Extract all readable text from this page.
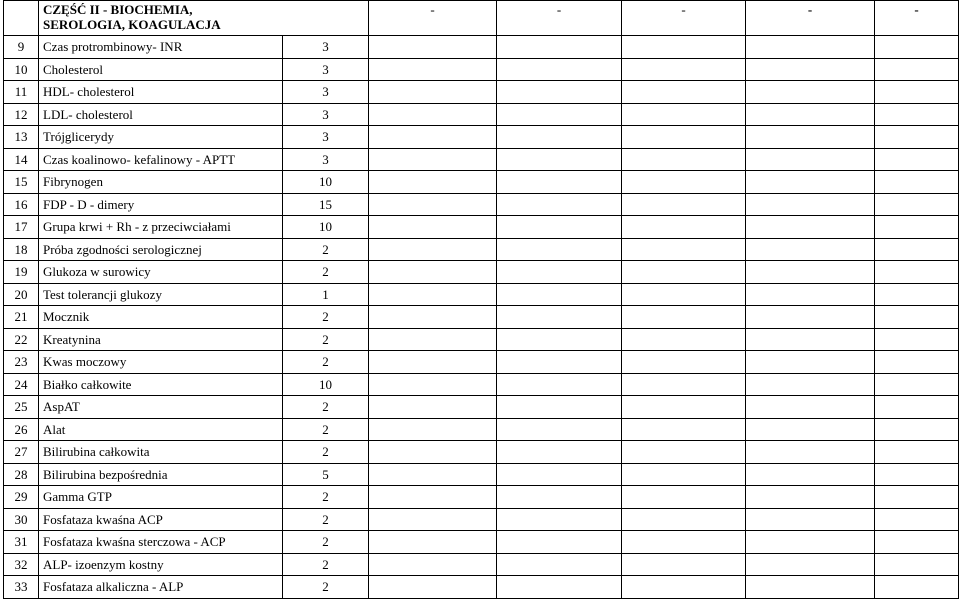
	CZĘŚĆ II - BIOCHEMIA,
SEROLOGIA, KOAGULACJA		-	-	-	-	-

9	Czas protrombinowy- INR	3					
10	Cholesterol	3					
11	HDL- cholesterol	3					
12	LDL- cholesterol	3					
13	Trójglicerydy	3					
14	Czas koalinowo- kefalinowy - APTT	3					
15	Fibrynogen	10					
16	FDP - D - dimery	15					
17	Grupa krwi + Rh - z przeciwciałami	10					
18	Próba zgodności serologicznej	2					
19	Glukoza w surowicy	2					
20	Test tolerancji glukozy	1					
21	Mocznik	2					
22	Kreatynina	2					
23	Kwas moczowy	2					
24	Białko całkowite	10					
25	AspAT	2					
26	Alat	2					
27	Bilirubina całkowita	2					
28	Bilirubina bezpośrednia	5					
29	Gamma GTP	2					
30	Fosfataza kwaśna ACP	2					
31	Fosfataza kwaśna sterczowa - ACP	2					
32	ALP- izoenzym kostny	2					
33	Fosfataza alkaliczna - ALP	2					
